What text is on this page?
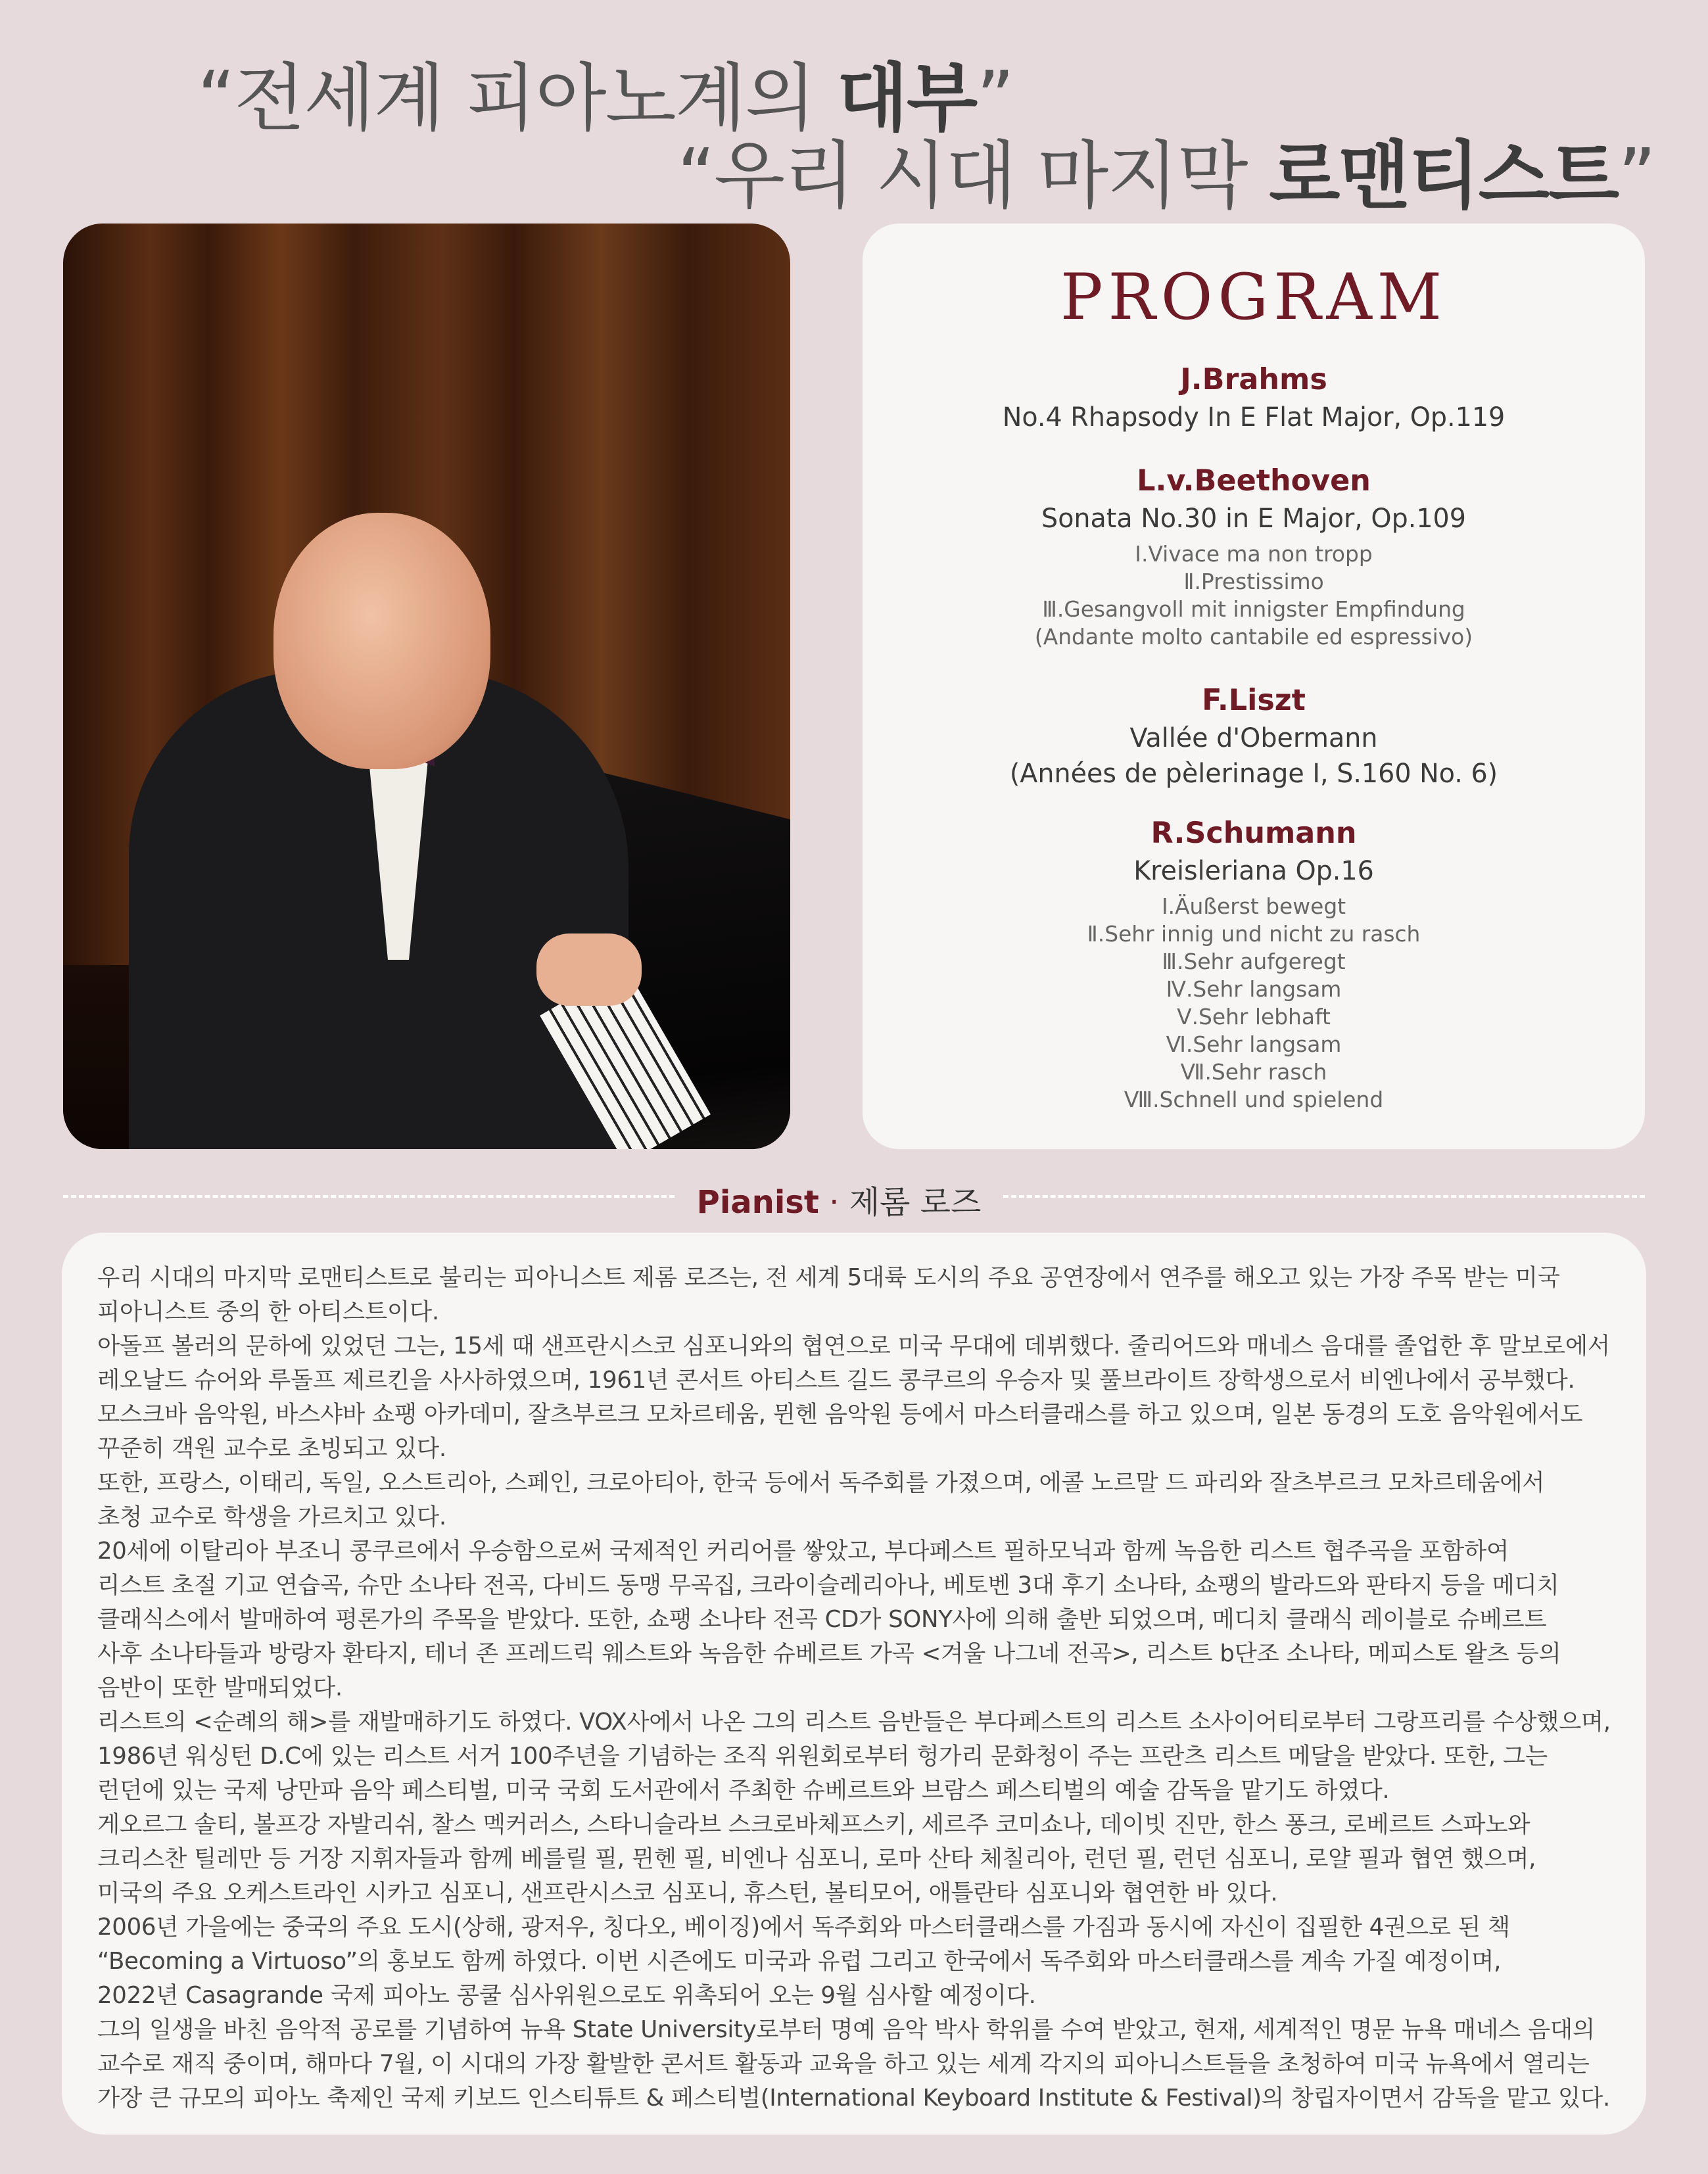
“전세계 피아노계의 대부”
“우리 시대 마지막 로맨티스트”
PROGRAM
J.Brahms
No.4 Rhapsody In E Flat Major, Op.119
L.v.Beethoven
Sonata No.30 in E Major, Op.109
Ⅰ.Vivace ma non tropp
Ⅱ.Prestissimo
Ⅲ.Gesangvoll mit innigster Empfindung
(Andante molto cantabile ed espressivo)
F.Liszt
Vallée d'Obermann
(Années de pèlerinage I, S.160 No. 6)
R.Schumann
Kreisleriana Op.16
Ⅰ.Äußerst bewegt
Ⅱ.Sehr innig und nicht zu rasch
Ⅲ.Sehr aufgeregt
Ⅳ.Sehr langsam
Ⅴ.Sehr lebhaft
Ⅵ.Sehr langsam
Ⅶ.Sehr rasch
Ⅷ.Schnell und spielend
Pianist · 제롬 로즈
우리 시대의 마지막 로맨티스트로 불리는 피아니스트 제롬 로즈는, 전 세계 5대륙 도시의 주요 공연장에서 연주를 해오고 있는 가장 주목 받는 미국
피아니스트 중의 한 아티스트이다.
아돌프 볼러의 문하에 있었던 그는, 15세 때 샌프란시스코 심포니와의 협연으로 미국 무대에 데뷔했다. 줄리어드와 매네스 음대를 졸업한 후 말보로에서
레오날드 슈어와 루돌프 제르킨을 사사하였으며, 1961년 콘서트 아티스트 길드 콩쿠르의 우승자 및 풀브라이트 장학생으로서 비엔나에서 공부했다.
모스크바 음악원, 바스샤바 쇼팽 아카데미, 잘츠부르크 모차르테움, 뮌헨 음악원 등에서 마스터클래스를 하고 있으며, 일본 동경의 도호 음악원에서도
꾸준히 객원 교수로 초빙되고 있다.
또한, 프랑스, 이태리, 독일, 오스트리아, 스페인, 크로아티아, 한국 등에서 독주회를 가졌으며, 에콜 노르말 드 파리와 잘츠부르크 모차르테움에서
초청 교수로 학생을 가르치고 있다.
20세에 이탈리아 부조니 콩쿠르에서 우승함으로써 국제적인 커리어를 쌓았고, 부다페스트 필하모닉과 함께 녹음한 리스트 협주곡을 포함하여
리스트 초절 기교 연습곡, 슈만 소나타 전곡, 다비드 동맹 무곡집, 크라이슬레리아나, 베토벤 3대 후기 소나타, 쇼팽의 발라드와 판타지 등을 메디치
클래식스에서 발매하여 평론가의 주목을 받았다. 또한, 쇼팽 소나타 전곡 CD가 SONY사에 의해 출반 되었으며, 메디치 클래식 레이블로 슈베르트
사후 소나타들과 방랑자 환타지, 테너 존 프레드릭 웨스트와 녹음한 슈베르트 가곡 <겨울 나그네 전곡>, 리스트 b단조 소나타, 메피스토 왈츠 등의
음반이 또한 발매되었다.
리스트의 <순례의 해>를 재발매하기도 하였다. VOX사에서 나온 그의 리스트 음반들은 부다페스트의 리스트 소사이어티로부터 그랑프리를 수상했으며,
1986년 워싱턴 D.C에 있는 리스트 서거 100주년을 기념하는 조직 위원회로부터 헝가리 문화청이 주는 프란츠 리스트 메달을 받았다. 또한, 그는
런던에 있는 국제 낭만파 음악 페스티벌, 미국 국회 도서관에서 주최한 슈베르트와 브람스 페스티벌의 예술 감독을 맡기도 하였다.
게오르그 솔티, 볼프강 자발리쉬, 찰스 멕커러스, 스타니슬라브 스크로바체프스키, 세르주 코미쇼나, 데이빗 진만, 한스 퐁크, 로베르트 스파노와
크리스찬 틸레만 등 거장 지휘자들과 함께 베를릴 필, 뮌헨 필, 비엔나 심포니, 로마 산타 체칠리아, 런던 필, 런던 심포니, 로얄 필과 협연 했으며,
미국의 주요 오케스트라인 시카고 심포니, 샌프란시스코 심포니, 휴스턴, 볼티모어, 애틀란타 심포니와 협연한 바 있다.
2006년 가을에는 중국의 주요 도시(상해, 광저우, 칭다오, 베이징)에서 독주회와 마스터클래스를 가짐과 동시에 자신이 집필한 4권으로 된 책
“Becoming a Virtuoso”의 홍보도 함께 하였다. 이번 시즌에도 미국과 유럽 그리고 한국에서 독주회와 마스터클래스를 계속 가질 예정이며,
2022년 Casagrande 국제 피아노 콩쿨 심사위원으로도 위촉되어 오는 9월 심사할 예정이다.
그의 일생을 바친 음악적 공로를 기념하여 뉴욕 State University로부터 명예 음악 박사 학위를 수여 받았고, 현재, 세계적인 명문 뉴욕 매네스 음대의
교수로 재직 중이며, 해마다 7월, 이 시대의 가장 활발한 콘서트 활동과 교육을 하고 있는 세계 각지의 피아니스트들을 초청하여 미국 뉴욕에서 열리는
가장 큰 규모의 피아노 축제인 국제 키보드 인스티튜트 & 페스티벌(International Keyboard Institute & Festival)의 창립자이면서 감독을 맡고 있다.
